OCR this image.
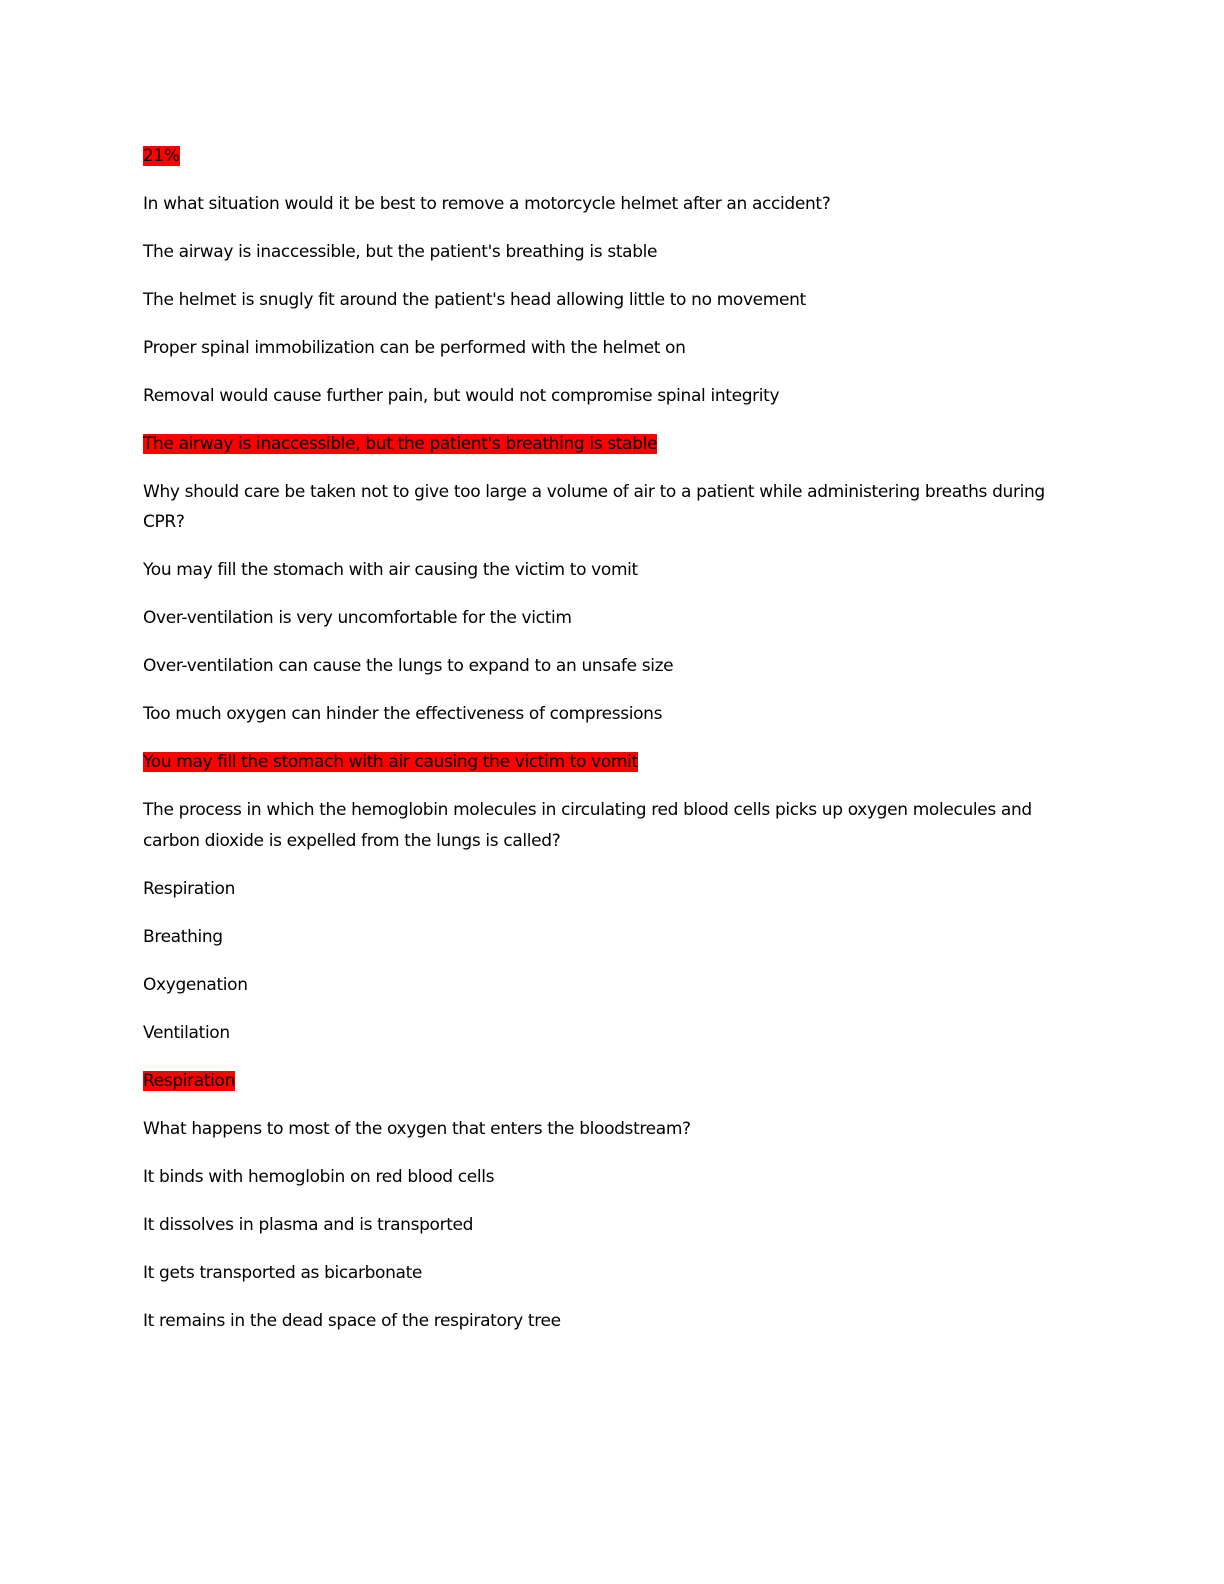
21%

In what situation would it be best to remove a motorcycle helmet after an accident?

The airway is inaccessible, but the patient's breathing is stable

The helmet is snugly fit around the patient's head allowing little to no movement

Proper spinal immobilization can be performed with the helmet on

Removal would cause further pain, but would not compromise spinal integrity

The airway is inaccessible, but the patient's breathing is stable

Why should care be taken not to give too large a volume of air to a patient while administering breaths during CPR?

You may fill the stomach with air causing the victim to vomit

Over-ventilation is very uncomfortable for the victim

Over-ventilation can cause the lungs to expand to an unsafe size

Too much oxygen can hinder the effectiveness of compressions

You may fill the stomach with air causing the victim to vomit

The process in which the hemoglobin molecules in circulating red blood cells picks up oxygen molecules and carbon dioxide is expelled from the lungs is called?

Respiration

Breathing

Oxygenation

Ventilation

Respiration

What happens to most of the oxygen that enters the bloodstream?

It binds with hemoglobin on red blood cells

It dissolves in plasma and is transported

It gets transported as bicarbonate

It remains in the dead space of the respiratory tree
